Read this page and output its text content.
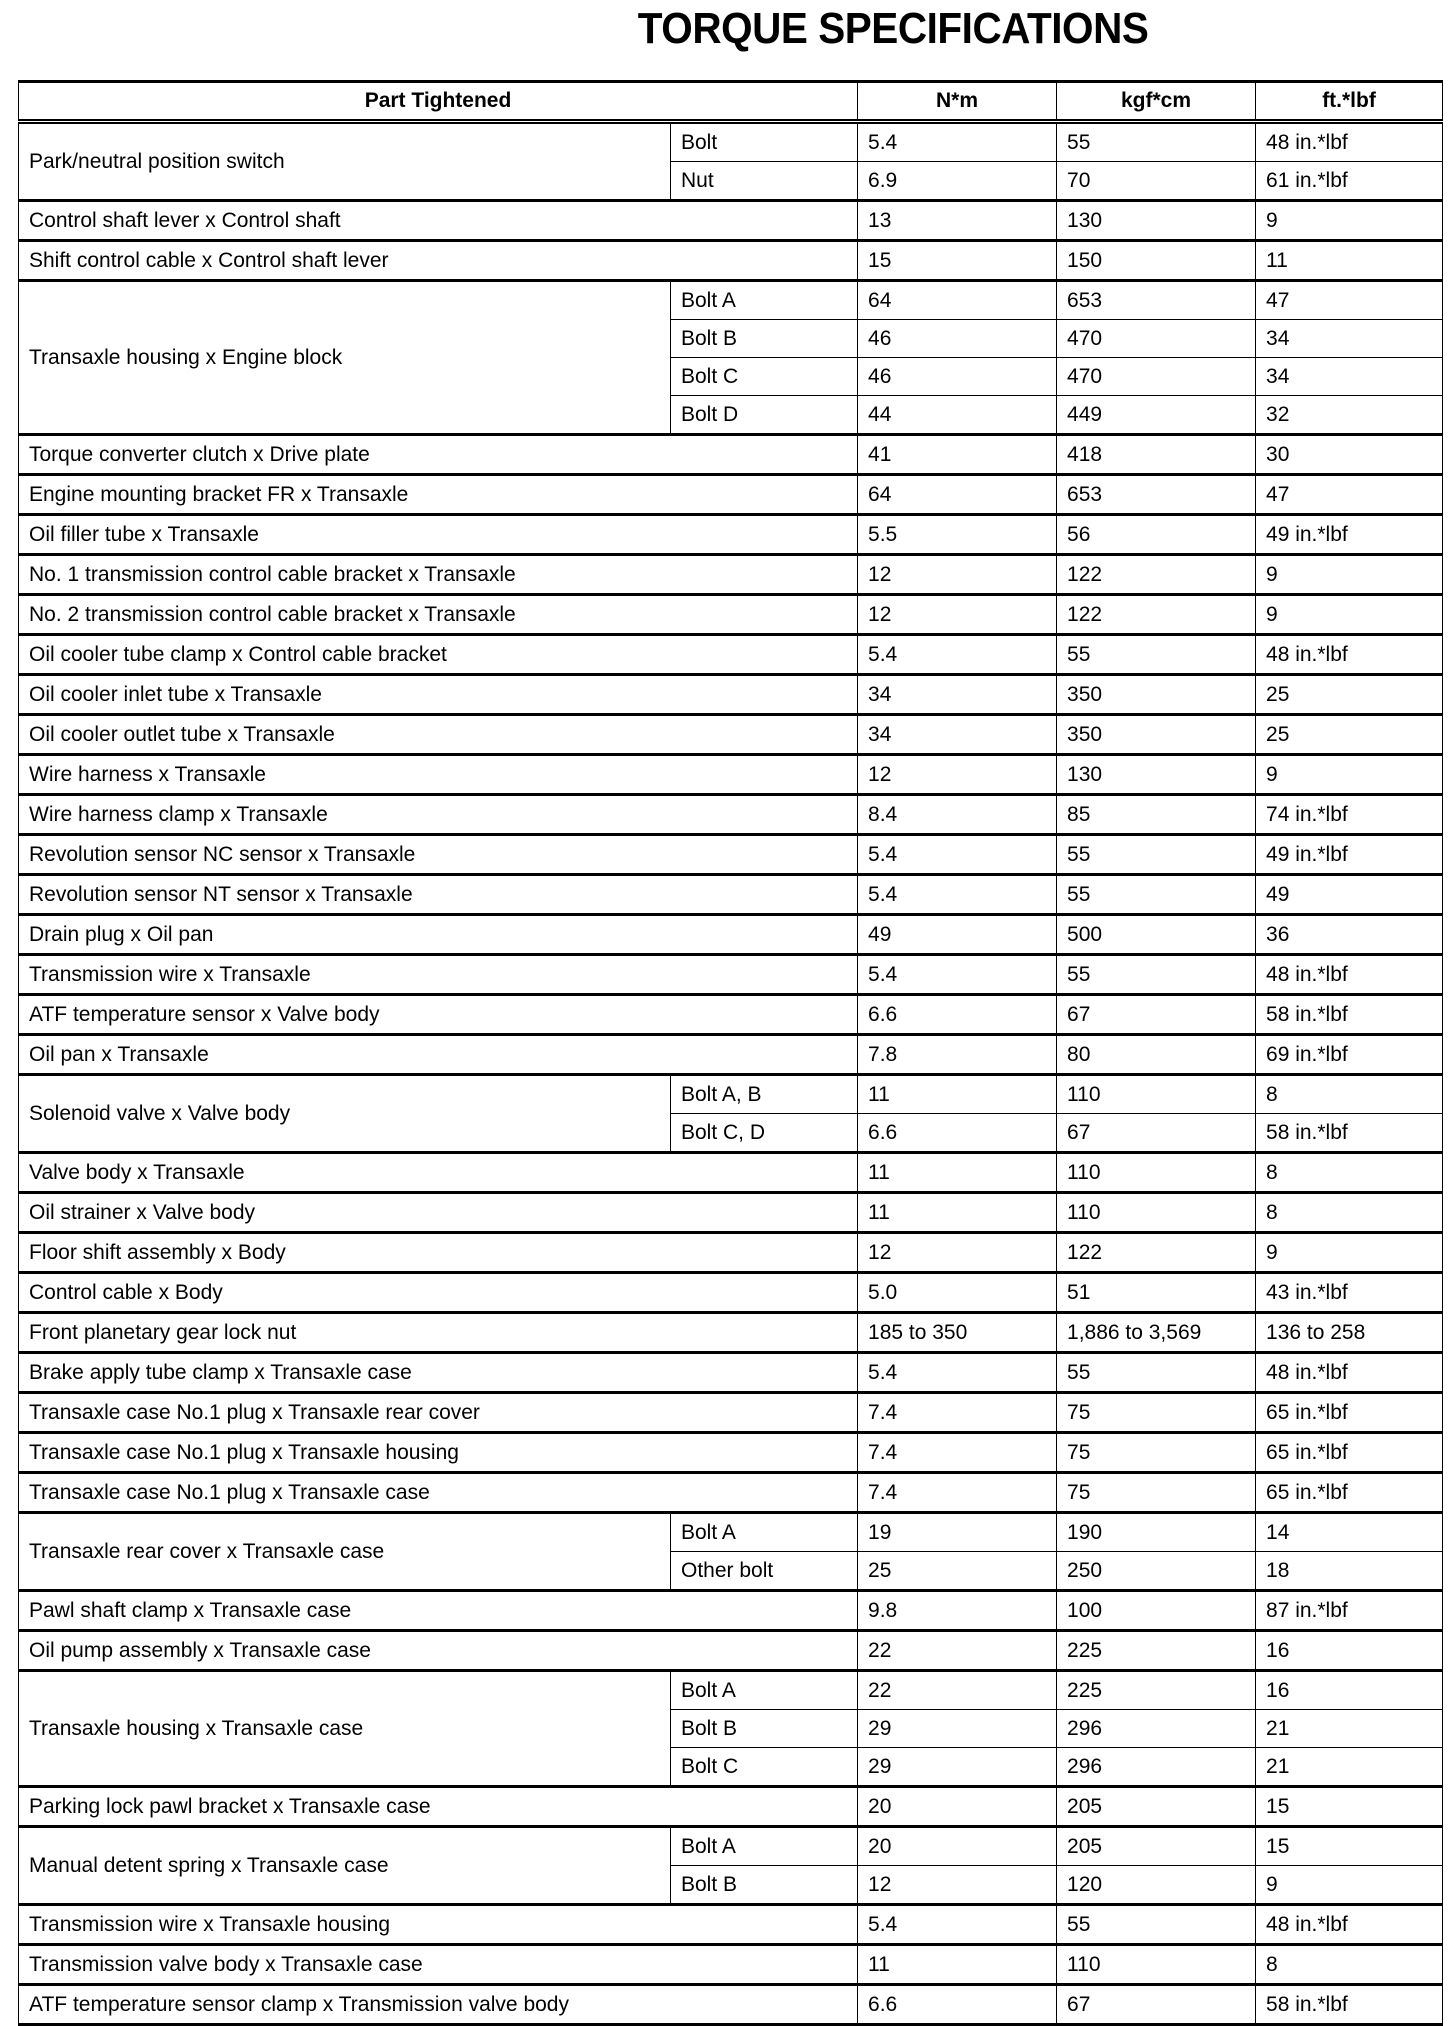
TORQUE SPECIFICATIONS
Part Tightened		N*m	kgf*cm	ft.*lbf
Park/neutral position switch	Bolt	5.4	55	48 in.*lbf
	Nut	6.9	70	61 in.*lbf
Control shaft lever x Control shaft		13	130	9
Shift control cable x Control shaft lever		15	150	11
Transaxle housing x Engine block	Bolt A	64	653	47
	Bolt B	46	470	34
	Bolt C	46	470	34
	Bolt D	44	449	32
Torque converter clutch x Drive plate		41	418	30
Engine mounting bracket FR x Transaxle		64	653	47
Oil filler tube x Transaxle		5.5	56	49 in.*lbf
No. 1 transmission control cable bracket x Transaxle		12	122	9
No. 2 transmission control cable bracket x Transaxle		12	122	9
Oil cooler tube clamp x Control cable bracket		5.4	55	48 in.*lbf
Oil cooler inlet tube x Transaxle		34	350	25
Oil cooler outlet tube x Transaxle		34	350	25
Wire harness x Transaxle		12	130	9
Wire harness clamp x Transaxle		8.4	85	74 in.*lbf
Revolution sensor NC sensor x Transaxle		5.4	55	49 in.*lbf
Revolution sensor NT sensor x Transaxle		5.4	55	49
Drain plug x Oil pan		49	500	36
Transmission wire x Transaxle		5.4	55	48 in.*lbf
ATF temperature sensor x Valve body		6.6	67	58 in.*lbf
Oil pan x Transaxle		7.8	80	69 in.*lbf
Solenoid valve x Valve body	Bolt A, B	11	110	8
	Bolt C, D	6.6	67	58 in.*lbf
Valve body x Transaxle		11	110	8
Oil strainer x Valve body		11	110	8
Floor shift assembly x Body		12	122	9
Control cable x Body		5.0	51	43 in.*lbf
Front planetary gear lock nut		185 to 350	1,886 to 3,569	136 to 258
Brake apply tube clamp x Transaxle case		5.4	55	48 in.*lbf
Transaxle case No.1 plug x Transaxle rear cover		7.4	75	65 in.*lbf
Transaxle case No.1 plug x Transaxle housing		7.4	75	65 in.*lbf
Transaxle case No.1 plug x Transaxle case		7.4	75	65 in.*lbf
Transaxle rear cover x Transaxle case	Bolt A	19	190	14
	Other bolt	25	250	18
Pawl shaft clamp x Transaxle case		9.8	100	87 in.*lbf
Oil pump assembly x Transaxle case		22	225	16
Transaxle housing x Transaxle case	Bolt A	22	225	16
	Bolt B	29	296	21
	Bolt C	29	296	21
Parking lock pawl bracket x Transaxle case		20	205	15
Manual detent spring x Transaxle case	Bolt A	20	205	15
	Bolt B	12	120	9
Transmission wire x Transaxle housing		5.4	55	48 in.*lbf
Transmission valve body x Transaxle case		11	110	8
ATF temperature sensor clamp x Transmission valve body		6.6	67	58 in.*lbf
